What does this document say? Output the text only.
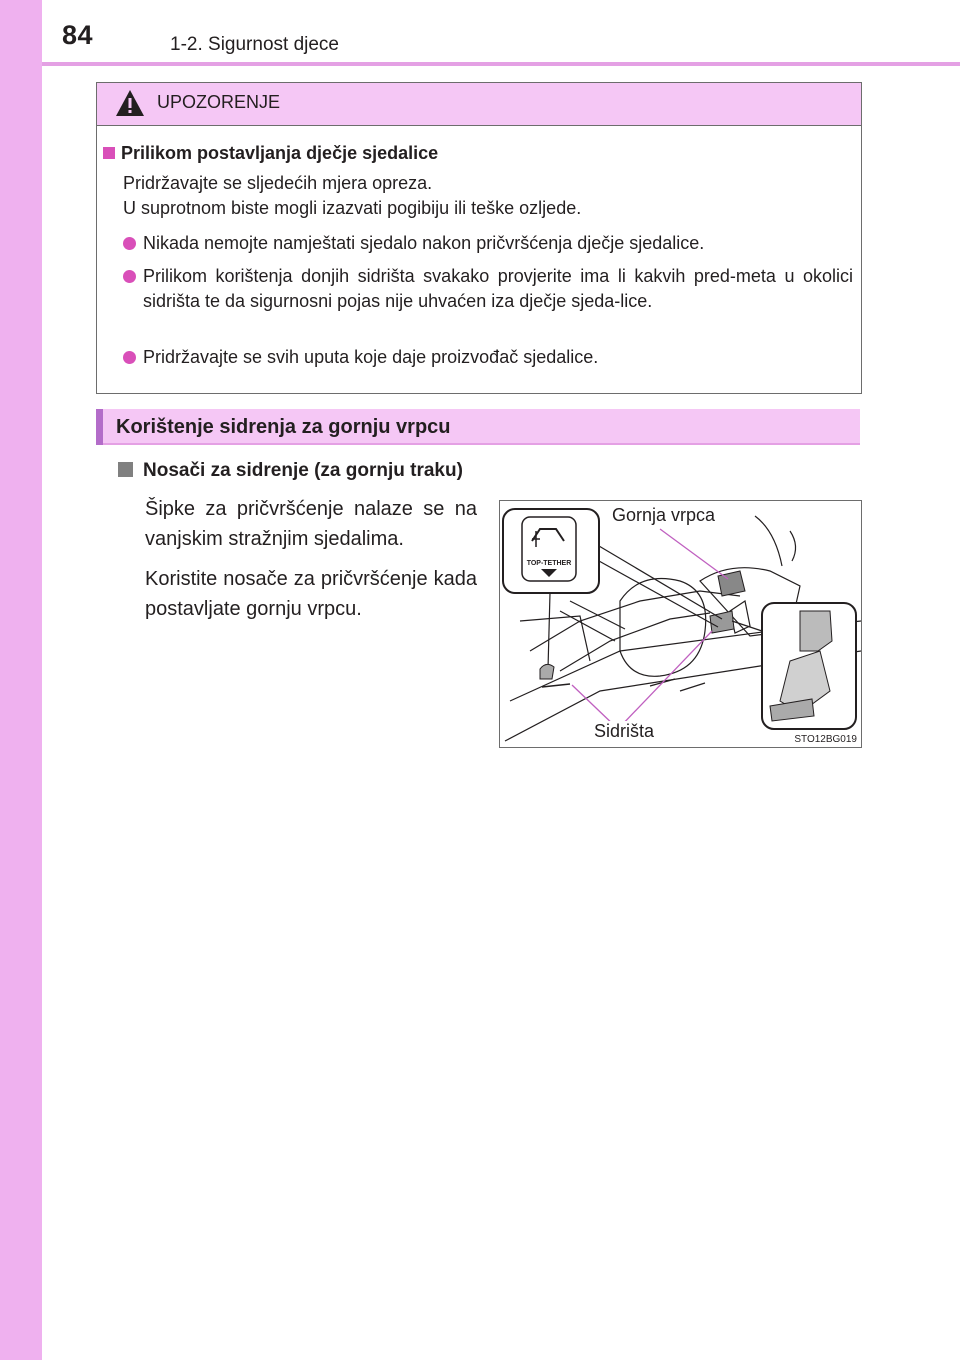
84	1-2. Sigurnost djece
UPOZORENJE
Prilikom postavljanja dječje sjedalice
Pridržavajte se sljedećih mjera opreza.
U suprotnom biste mogli izazvati pogibiju ili teške ozljede.
Nikada nemojte namještati sjedalo nakon pričvršćenja dječje sjedalice.
Prilikom korištenja donjih sidrišta svakako provjerite ima li kakvih pred-meta u okolici sidrišta te da sigurnosni pojas nije uhvaćen iza dječje sjeda-lice.
Pridržavajte se svih uputa koje daje proizvođač sjedalice.
Korištenje sidrenja za gornju vrpcu
Nosači za sidrenje (za gornju traku)
Šipke za pričvršćenje nalaze se na vanjskim stražnjim sjedalima.
Koristite nosače za pričvršćenje kada postavljate gornju vrpcu.
TOP-TETHER
Gornja vrpca
Sidrišta	STO12BG019
